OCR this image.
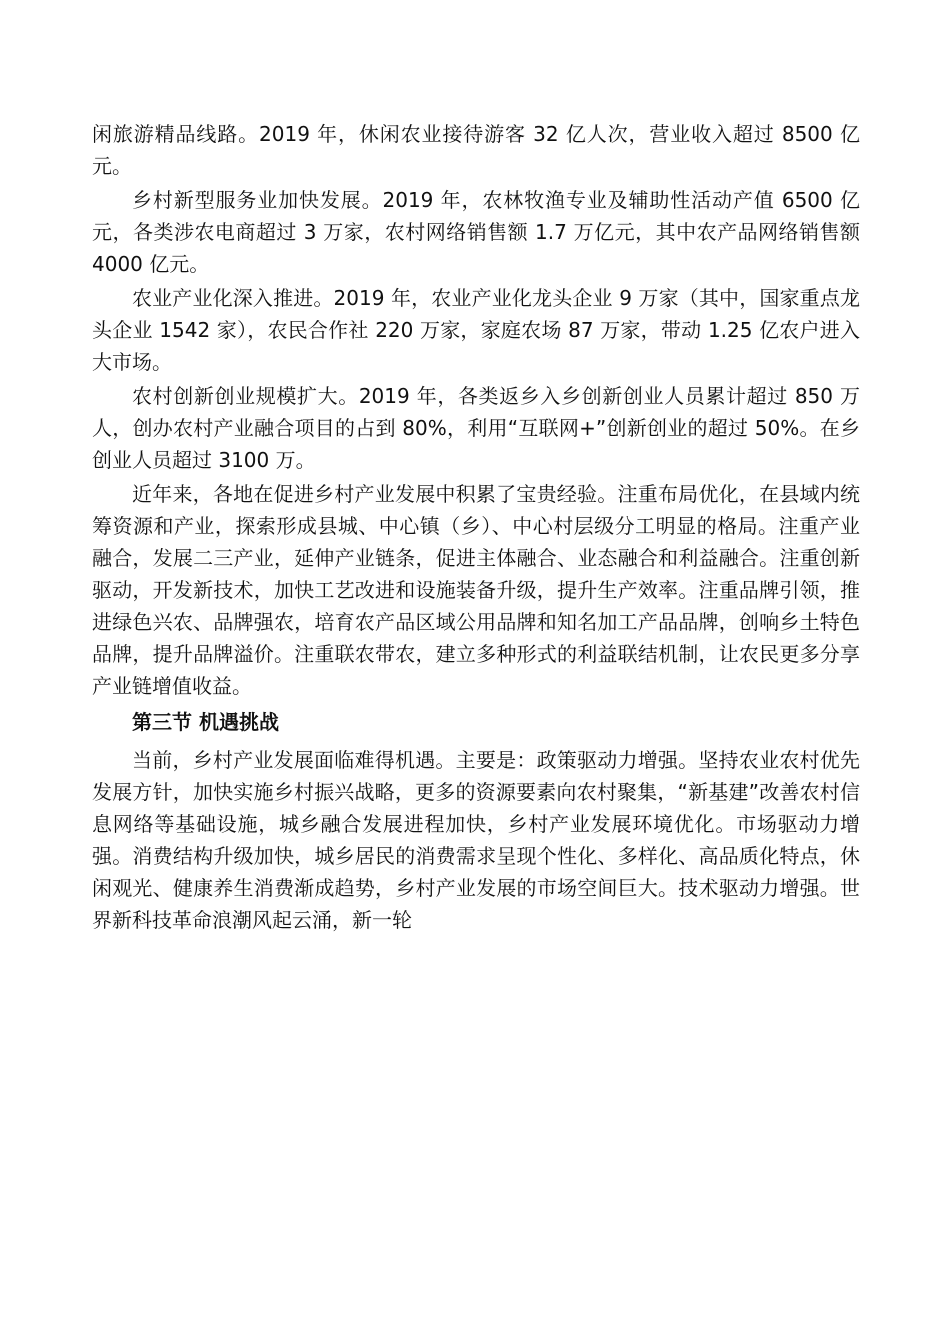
闲旅游精品线路。2019 年，休闲农业接待游客 32 亿人次，营业收入超过 8500 亿元。

乡村新型服务业加快发展。2019 年，农林牧渔专业及辅助性活动产值 6500 亿元，各类涉农电商超过 3 万家，农村网络销售额 1.7 万亿元，其中农产品网络销售额 4000 亿元。

农业产业化深入推进。2019 年，农业产业化龙头企业 9 万家（其中，国家重点龙头企业 1542 家），农民合作社 220 万家，家庭农场 87 万家，带动 1.25 亿农户进入大市场。

农村创新创业规模扩大。2019 年，各类返乡入乡创新创业人员累计超过 850 万人，创办农村产业融合项目的占到 80%，利用“互联网+”创新创业的超过 50%。在乡创业人员超过 3100 万。

近年来，各地在促进乡村产业发展中积累了宝贵经验。注重布局优化，在县域内统筹资源和产业，探索形成县城、中心镇（乡）、中心村层级分工明显的格局。注重产业融合，发展二三产业，延伸产业链条，促进主体融合、业态融合和利益融合。注重创新驱动，开发新技术，加快工艺改进和设施装备升级，提升生产效率。注重品牌引领，推进绿色兴农、品牌强农，培育农产品区域公用品牌和知名加工产品品牌，创响乡土特色品牌，提升品牌溢价。注重联农带农，建立多种形式的利益联结机制，让农民更多分享产业链增值收益。

第三节 机遇挑战

当前，乡村产业发展面临难得机遇。主要是：政策驱动力增强。坚持农业农村优先发展方针，加快实施乡村振兴战略，更多的资源要素向农村聚集，“新基建”改善农村信息网络等基础设施，城乡融合发展进程加快，乡村产业发展环境优化。市场驱动力增强。消费结构升级加快，城乡居民的消费需求呈现个性化、多样化、高品质化特点，休闲观光、健康养生消费渐成趋势，乡村产业发展的市场空间巨大。技术驱动力增强。世界新科技革命浪潮风起云涌，新一轮
